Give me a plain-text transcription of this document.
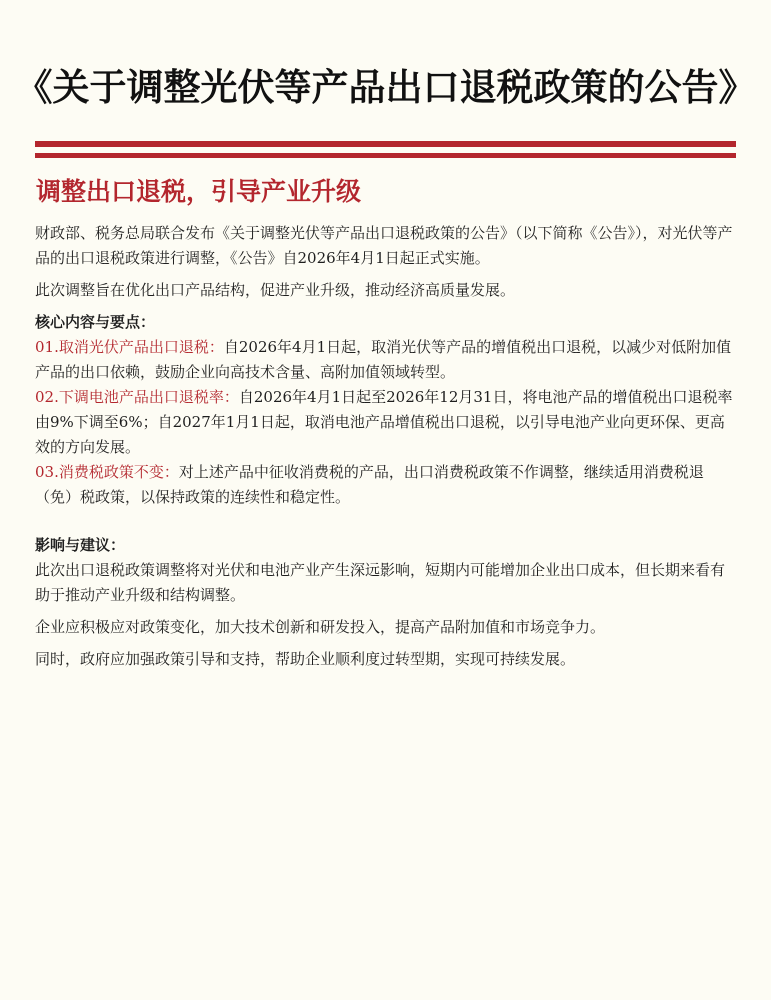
《关于调整光伏等产品出口退税政策的公告》
调整出口退税，引导产业升级

财政部、税务总局联合发布《关于调整光伏等产品出口退税政策的公告》（以下简称《公告》），对光伏等产品的出口退税政策进行调整，《公告》自2026年4月1日起正式实施。

此次调整旨在优化出口产品结构，促进产业升级，推动经济高质量发展。

核心内容与要点：

01.取消光伏产品出口退税：自2026年4月1日起，取消光伏等产品的增值税出口退税，以减少对低附加值产品的出口依赖，鼓励企业向高技术含量、高附加值领域转型。

02.下调电池产品出口退税率：自2026年4月1日起至2026年12月31日，将电池产品的增值税出口退税率由9%下调至6%；自2027年1月1日起，取消电池产品增值税出口退税，以引导电池产业向更环保、更高效的方向发展。

03.消费税政策不变：对上述产品中征收消费税的产品，出口消费税政策不作调整，继续适用消费税退（免）税政策，以保持政策的连续性和稳定性。

影响与建议：

此次出口退税政策调整将对光伏和电池产业产生深远影响，短期内可能增加企业出口成本，但长期来看有助于推动产业升级和结构调整。

企业应积极应对政策变化，加大技术创新和研发投入，提高产品附加值和市场竞争力。

同时，政府应加强政策引导和支持，帮助企业顺利度过转型期，实现可持续发展。
